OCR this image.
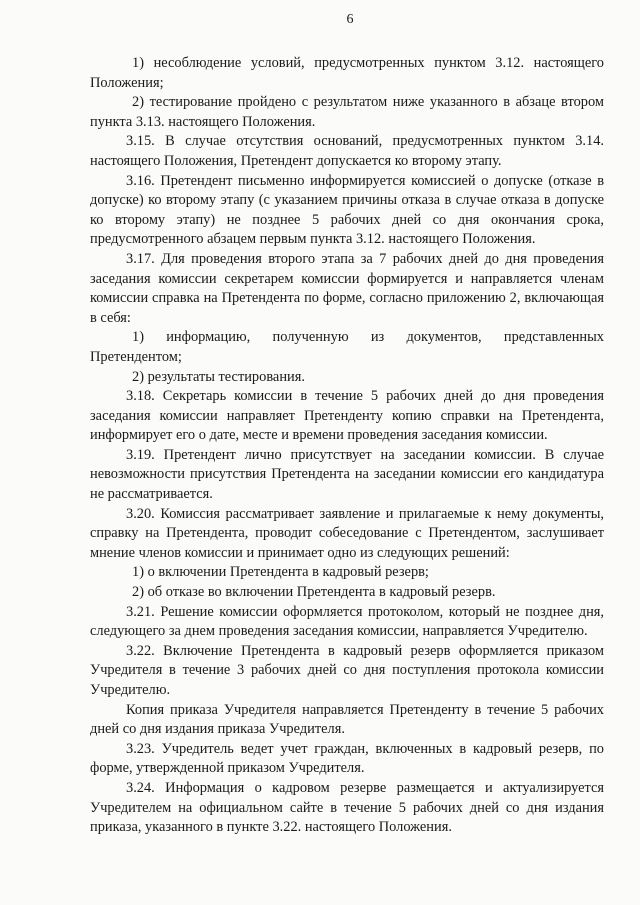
6

1) несоблюдение условий, предусмотренных пунктом 3.12. настоящего Положения;

2) тестирование пройдено с результатом ниже указанного в абзаце втором пункта 3.13. настоящего Положения.

3.15. В случае отсутствия оснований, предусмотренных пунктом 3.14. настоящего Положения, Претендент допускается ко второму этапу.

3.16. Претендент письменно информируется комиссией о допуске (отказе в допуске) ко второму этапу (с указанием причины отказа в случае отказа в допуске ко второму этапу) не позднее 5 рабочих дней со дня окончания срока, предусмотренного абзацем первым пункта 3.12. настоящего Положения.

3.17. Для проведения второго этапа за 7 рабочих дней до дня проведения заседания комиссии секретарем комиссии формируется и направляется членам комиссии справка на Претендента по форме, согласно приложению 2, включающая в себя:

1) информацию, полученную из документов, представленных Претендентом;

2) результаты тестирования.

3.18. Секретарь комиссии в течение 5 рабочих дней до дня проведения заседания комиссии направляет Претенденту копию справки на Претендента, информирует его о дате, месте и времени проведения заседания комиссии.

3.19. Претендент лично присутствует на заседании комиссии. В случае невозможности присутствия Претендента на заседании комиссии его кандидатура не рассматривается.

3.20. Комиссия рассматривает заявление и прилагаемые к нему документы, справку на Претендента, проводит собеседование с Претендентом, заслушивает мнение членов комиссии и принимает одно из следующих решений:

1) о включении Претендента в кадровый резерв;

2) об отказе во включении Претендента в кадровый резерв.

3.21. Решение комиссии оформляется протоколом, который не позднее дня, следующего за днем проведения заседания комиссии, направляется Учредителю.

3.22. Включение Претендента в кадровый резерв оформляется приказом Учредителя в течение 3 рабочих дней со дня поступления протокола комиссии Учредителю.

Копия приказа Учредителя направляется Претенденту в течение 5 рабочих дней со дня издания приказа Учредителя.

3.23. Учредитель ведет учет граждан, включенных в кадровый резерв, по форме, утвержденной приказом Учредителя.

3.24. Информация о кадровом резерве размещается и актуализируется Учредителем на официальном сайте в течение 5 рабочих дней со дня издания приказа, указанного в пункте 3.22. настоящего Положения.
